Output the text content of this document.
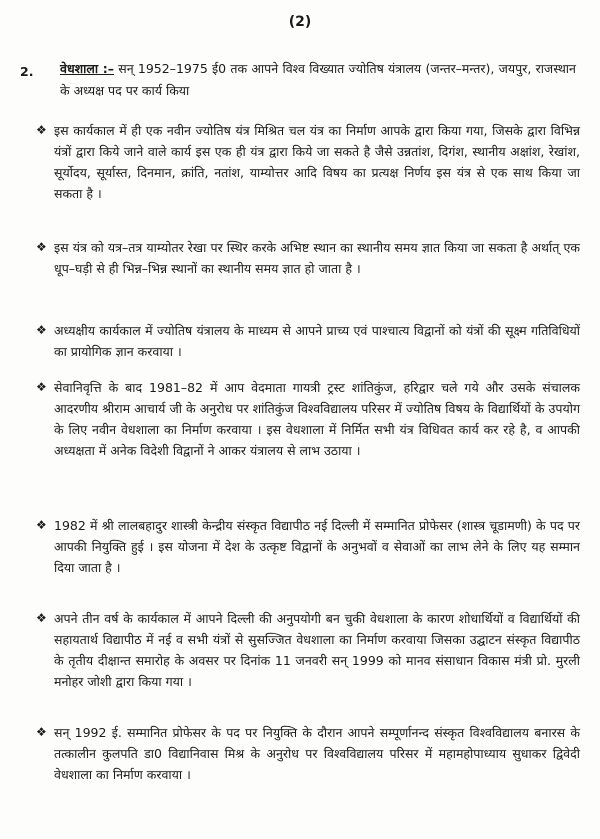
(2)
2. वेधशाला :– सन् 1952–1975 ई0 तक आपने विश्व विख्यात ज्योतिष यंत्रालय (जन्तर–मन्तर), जयपुर, राजस्थान के अध्यक्ष पद पर कार्य किया
❖ इस कार्यकाल में ही एक नवीन ज्योतिष यंत्र मिश्रित चल यंत्र का निर्माण आपके द्वारा किया गया, जिसके द्वारा विभिन्न यंत्रों द्वारा किये जाने वाले कार्य इस एक ही यंत्र द्वारा किये जा सकते है जैसे उन्नतांश, दिगंश, स्थानीय अक्षांश, रेखांश, सूर्योदय, सूर्यास्त, दिनमान, क्रांति, नतांश, याम्योत्तर आदि विषय का प्रत्यक्ष निर्णय इस यंत्र से एक साथ किया जा सकता है ।
❖ इस यंत्र को यत्र–तत्र याम्योतर रेखा पर स्थिर करके अभिष्ट स्थान का स्थानीय समय ज्ञात किया जा सकता है अर्थात् एक धूप–घड़ी से ही भिन्न–भिन्न स्थानों का स्थानीय समय ज्ञात हो जाता है ।
❖ अध्यक्षीय कार्यकाल में ज्योतिष यंत्रालय के माध्यम से आपने प्राच्य एवं पाश्चात्य विद्वानों को यंत्रों की सूक्ष्म गतिविधियों का प्रायोगिक ज्ञान करवाया ।
❖ सेवानिवृत्ति के बाद 1981–82 में आप वेदमाता गायत्री ट्रस्ट शांतिकुंज, हरिद्वार चले गये और उसके संचालक आदरणीय श्रीराम आचार्य जी के अनुरोध पर शांतिकुंज विश्वविद्यालय परिसर में ज्योतिष विषय के विद्यार्थियों के उपयोग के लिए नवीन वेधशाला का निर्माण करवाया । इस वेधशाला में निर्मित सभी यंत्र विधिवत कार्य कर रहे है, व आपकी अध्यक्षता में अनेक विदेशी विद्वानों ने आकर यंत्रालय से लाभ उठाया ।
❖ 1982 में श्री लालबहादुर शास्त्री केन्द्रीय संस्कृत विद्यापीठ नई दिल्ली में सम्मानित प्रोफेसर (शास्त्र चूडामणी) के पद पर आपकी नियुक्ति हुई । इस योजना में देश के उत्कृष्ट विद्वानों के अनुभवों व सेवाओं का लाभ लेने के लिए यह सम्मान दिया जाता है ।
❖ अपने तीन वर्ष के कार्यकाल में आपने दिल्ली की अनुपयोगी बन चुकी वेधशाला के कारण शोधार्थियों व विद्यार्थियों की सहायतार्थ विद्यापीठ में नई व सभी यंत्रों से सुसज्जित वेधशाला का निर्माण करवाया जिसका उद्घाटन संस्कृत विद्यापीठ के तृतीय दीक्षान्त समारोह के अवसर पर दिनांक 11 जनवरी सन् 1999 को मानव संसाधान विकास मंत्री प्रो. मुरली मनोहर जोशी द्वारा किया गया ।
❖ सन् 1992 ई. सम्मानित प्रोफेसर के पद पर नियुक्ति के दौरान आपने सम्पूर्णानन्द संस्कृत विश्वविद्यालय बनारस के तत्कालीन कुलपति डा0 विद्यानिवास मिश्र के अनुरोध पर विश्वविद्यालय परिसर में महामहोपाध्याय सुधाकर द्विवेदी वेधशाला का निर्माण करवाया ।
